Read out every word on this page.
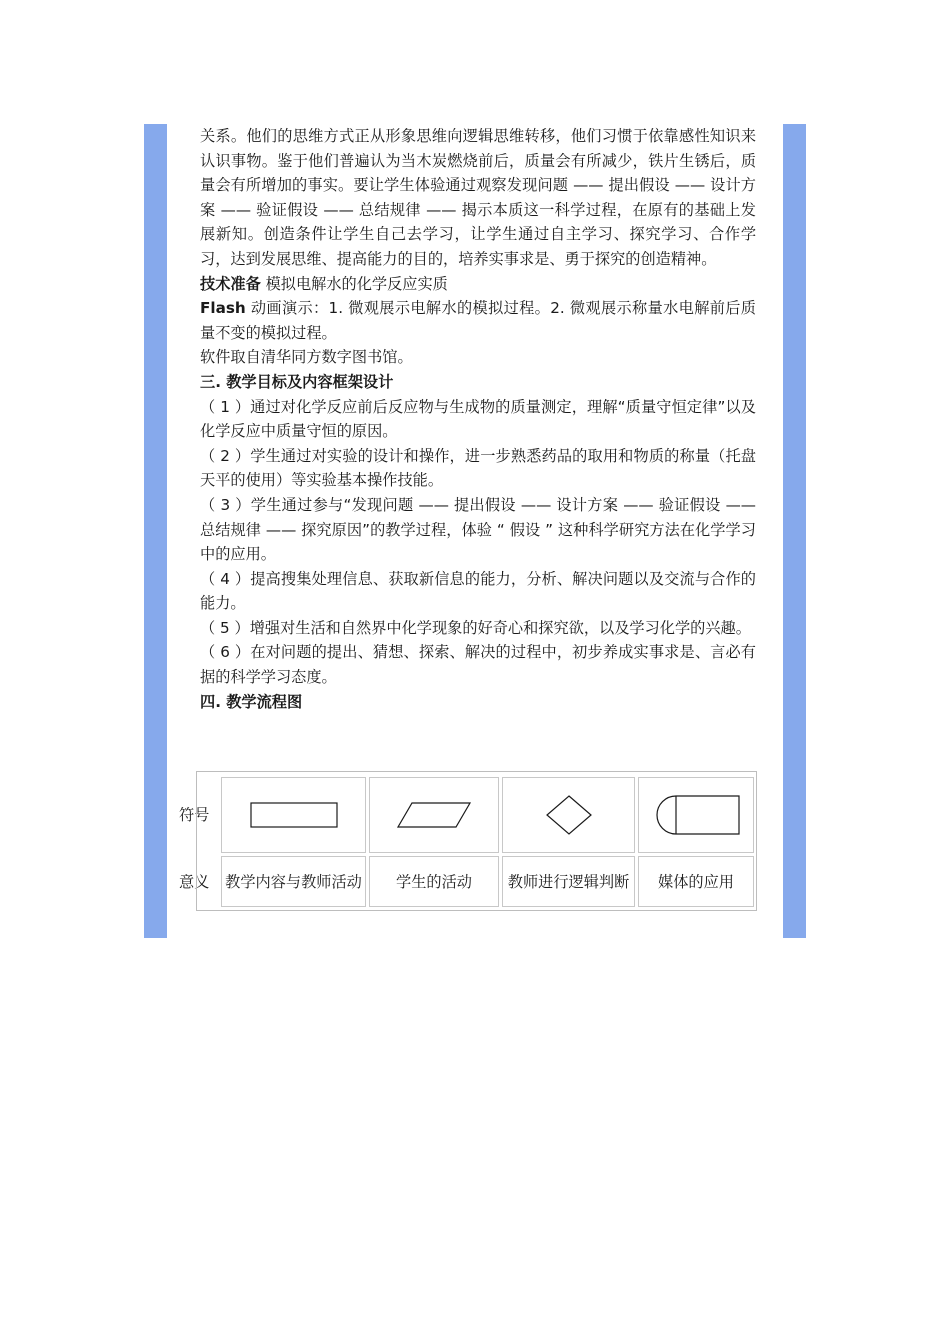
关系。他们的思维方式正从形象思维向逻辑思维转移，他们习惯于依靠感性知识来认识事物。鉴于他们普遍认为当木炭燃烧前后，质量会有所减少，铁片生锈后，质量会有所增加的事实。要让学生体验通过观察发现问题 —— 提出假设 —— 设计方案 —— 验证假设 —— 总结规律 —— 揭示本质这一科学过程，在原有的基础上发展新知。创造条件让学生自己去学习，让学生通过自主学习、探究学习、合作学习，达到发展思维、提高能力的目的，培养实事求是、勇于探究的创造精神。

技术准备 模拟电解水的化学反应实质

Flash 动画演示：1. 微观展示电解水的模拟过程。2. 微观展示称量水电解前后质量不变的模拟过程。

软件取自清华同方数字图书馆。

三. 教学目标及内容框架设计

（ 1 ）通过对化学反应前后反应物与生成物的质量测定，理解“质量守恒定律”以及化学反应中质量守恒的原因。

（ 2 ）学生通过对实验的设计和操作，进一步熟悉药品的取用和物质的称量（托盘天平的使用）等实验基本操作技能。

（ 3 ）学生通过参与“发现问题 —— 提出假设 —— 设计方案 —— 验证假设 —— 总结规律 —— 探究原因”的教学过程，体验 “ 假设 ” 这种科学研究方法在化学学习中的应用。

（ 4 ）提高搜集处理信息、获取新信息的能力，分析、解决问题以及交流与合作的能力。

（ 5 ）增强对生活和自然界中化学现象的好奇心和探究欲，以及学习化学的兴趣。

（ 6 ）在对问题的提出、猜想、探索、解决的过程中，初步养成实事求是、言必有据的科学学习态度。

四. 教学流程图

符号
意义	教学内容与教师活动	学生的活动	教师进行逻辑判断	媒体的应用
